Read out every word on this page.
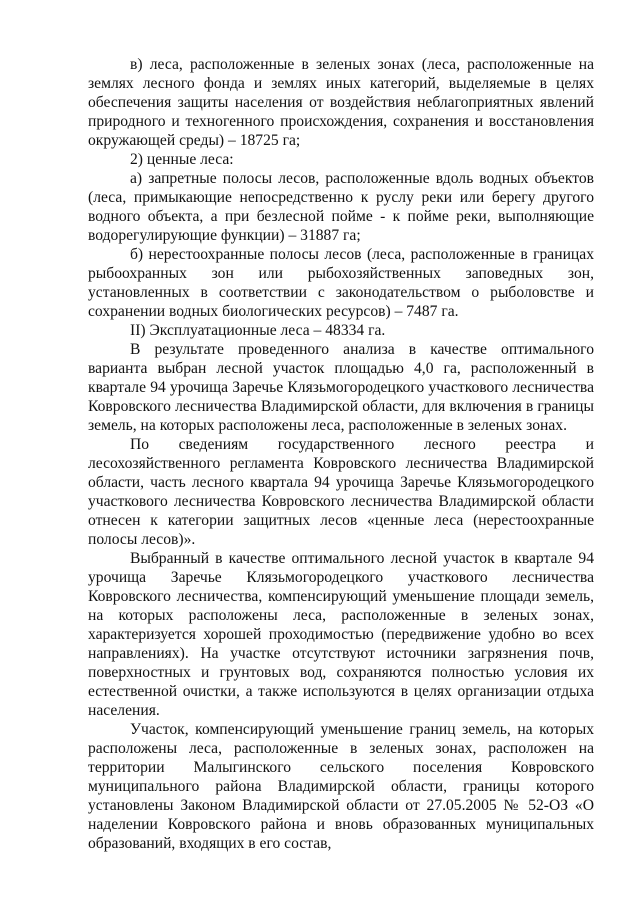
в) леса, расположенные в зеленых зонах (леса, расположенные на землях лесного фонда и землях иных категорий, выделяемые в целях обеспечения защиты населения от воздействия неблагоприятных явлений природного и техногенного происхождения, сохранения и восстановления окружающей среды) – 18725 га;

2) ценные леса:

а) запретные полосы лесов, расположенные вдоль водных объектов (леса, примыкающие непосредственно к руслу реки или берегу другого водного объекта, а при безлесной пойме - к пойме реки, выполняющие водорегулирующие функции) – 31887 га;

б) нерестоохранные полосы лесов (леса, расположенные в границах рыбоохранных зон или рыбохозяйственных заповедных зон, установленных в соответствии с законодательством о рыболовстве и сохранении водных биологических ресурсов) – 7487 га.

II) Эксплуатационные леса – 48334 га.

В результате проведенного анализа в качестве оптимального варианта выбран лесной участок площадью 4,0 га, расположенный в квартале 94 урочища Заречье Клязьмогородецкого участкового лесничества Ковровского лесничества Владимирской области, для включения в границы земель, на которых расположены леса, расположенные в зеленых зонах.

По сведениям государственного лесного реестра и лесохозяйственного регламента Ковровского лесничества Владимирской области, часть лесного квартала 94 урочища Заречье Клязьмогородецкого участкового лесничества Ковровского лесничества Владимирской области отнесен к категории защитных лесов «ценные леса (нерестоохранные полосы лесов)».

Выбранный в качестве оптимального лесной участок в квартале 94 урочища Заречье Клязьмогородецкого участкового лесничества Ковровского лесничества, компенсирующий уменьшение площади земель, на которых расположены леса, расположенные в зеленых зонах, характеризуется хорошей проходимостью (передвижение удобно во всех направлениях). На участке отсутствуют источники загрязнения почв, поверхностных и грунтовых вод, сохраняются полностью условия их естественной очистки, а также используются в целях организации отдыха населения.

Участок, компенсирующий уменьшение границ земель, на которых расположены леса, расположенные в зеленых зонах, расположен на территории Малыгинского сельского поселения Ковровского муниципального района Владимирской области, границы которого установлены Законом Владимирской области от 27.05.2005 № 52-ОЗ «О наделении Ковровского района и вновь образованных муниципальных образований, входящих в его состав,
